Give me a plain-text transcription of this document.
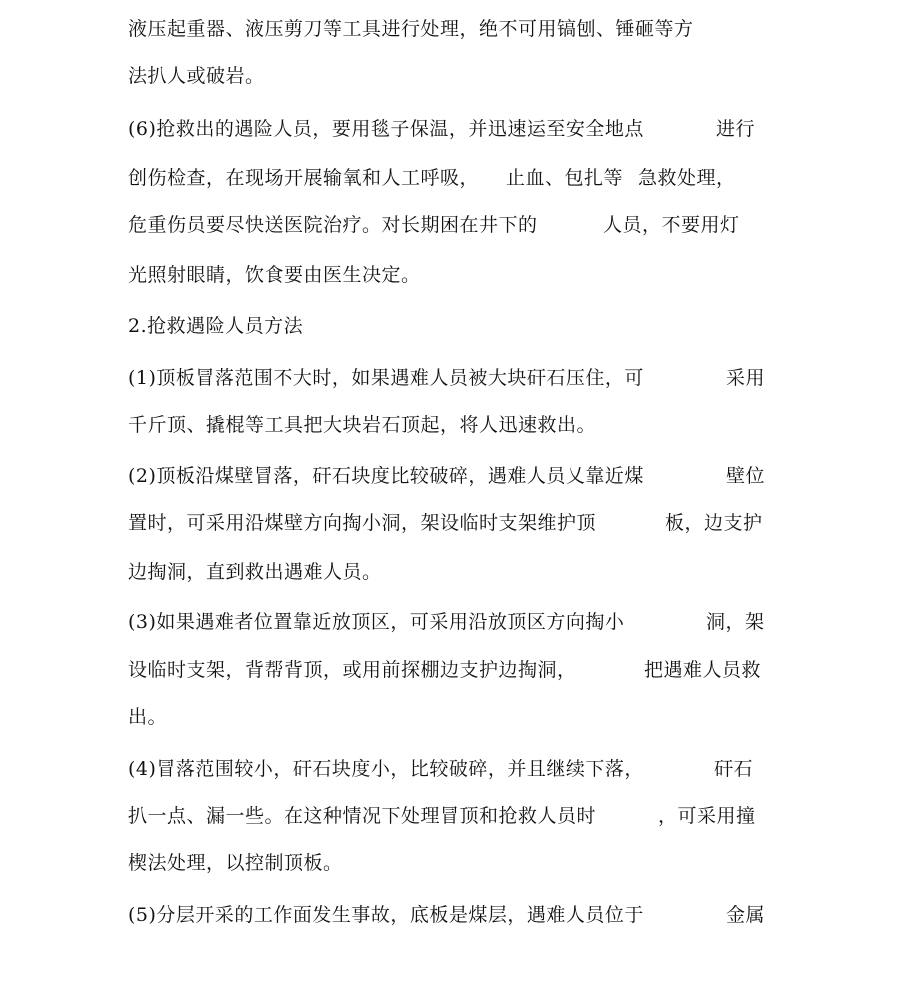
液压起重器、液压剪刀等工具进行处理，绝不可用镐刨、锤砸等方

法扒人或破岩。

(6)抢救出的遇险人员，要用毯子保温，并迅速运至安全地点

	进行

创伤检查，在现场开展输氧和人工呼吸，

止血、包扎等

急救处理，

危重伤员要尽快送医院治疗。对长期困在井下的

	人员，不要用灯

光照射眼睛，饮食要由医生决定。

2.抢救遇险人员方法

(1)顶板冒落范围不大时，如果遇难人员被大块矸石压住，可

	采用

千斤顶、撬棍等工具把大块岩石顶起，将人迅速救出。

(2)顶板沿煤壁冒落，矸石块度比较破碎，遇难人员乂靠近煤

	壁位

置时，可采用沿煤壁方向掏小洞，架设临时支架维护顶

	板，边支护

边掏洞，直到救出遇难人员。

(3)如果遇难者位置靠近放顶区，可采用沿放顶区方向掏小

	洞，架

设临时支架，背帮背顶，或用前探棚边支护边掏洞，

	把遇难人员救

出。

(4)冒落范围较小，矸石块度小，比较破碎，并且继续下落，

	矸石

扒一点、漏一些。在这种情况下处理冒顶和抢救人员时

	，可采用撞

楔法处理，以控制顶板。

(5)分层开采的工作面发生事故，底板是煤层，遇难人员位于

	金属
